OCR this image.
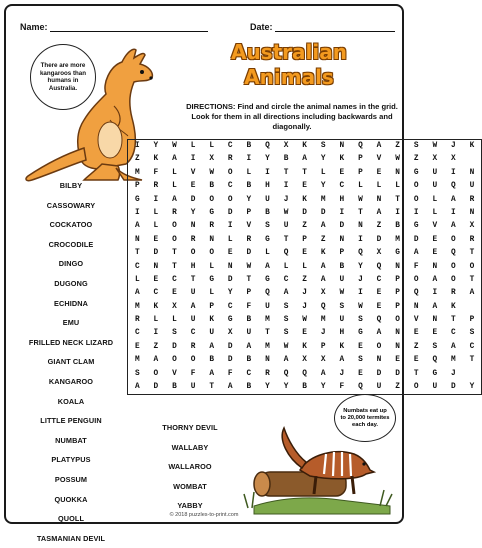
Name:	Date:
Australian
Animals
There are more kangaroos than humans in Australia.
DIRECTIONS: Find and circle the animal names in the grid. Look for them in all directions including backwards and diagonally.
I	Y	W	L	L	C	B	Q	X	K	S	N	Q	A	Z	S	W	J	K
Z	K	A	I	X	R	I	Y	B	A	Y	K	P	V	W	Z	X	X
M	F	L	V	W	O	L	I	T	T	L	E	P	E	N	G	U	I	N
P	R	L	E	B	C	B	H	I	E	Y	C	L	L	L	O	U	Q	U
G	I	A	D	O	O	Y	U	J	K	M	H	W	N	T	O	L	A	R
I	L	R	Y	G	D	P	B	W	D	D	I	T	A	I	I	L	I	N
A	L	O	N	R	I	V	S	U	Z	A	D	N	Z	B	G	V	A	X
N	E	O	R	N	L	R	G	T	P	Z	N	I	D	M	D	E	O	R
T	D	T	O	O	E	D	L	Q	E	K	P	Q	X	G	A	E	Q	T
C	N	T	H	L	N	W	A	L	L	A	B	Y	Q	N	F	N	O	O
L	E	C	T	G	D	T	G	C	Z	A	U	J	C	P	O	A	O	T
A	C	E	U	L	Y	P	Q	A	J	X	W	I	E	P	Q	I	R	A
M	K	X	A	P	C	F	U	S	J	Q	S	W	E	P	N	A	K
R	L	L	U	K	G	B	M	S	W	M	U	S	Q	O	V	N	T	P
C	I	S	C	U	X	U	T	S	E	J	H	G	A	N	E	E	C	S
E	Z	D	R	A	D	A	M	W	K	P	K	E	O	N	Z	S	A	C
M	A	O	O	B	D	B	N	A	X	X	A	S	N	E	E	Q	M	T
S	O	V	F	A	F	C	R	Q	Q	A	J	E	D	D	T	G	J
A	D	B	U	T	A	B	Y	Y	B	Y	F	Q	U	Z	O	U	D	Y
BILBY
CASSOWARY
COCKATOO
CROCODILE
DINGO
DUGONG
ECHIDNA
EMU
FRILLED NECK LIZARD
GIANT CLAM
KANGAROO
KOALA
LITTLE PENGUIN
NUMBAT
PLATYPUS
POSSUM
QUOKKA
QUOLL
TASMANIAN DEVIL
THORNY DEVIL
WALLABY
WALLAROO
WOMBAT
YABBY
Numbats eat up to 20,000 termites each day.
© 2018 puzzles-to-print.com
